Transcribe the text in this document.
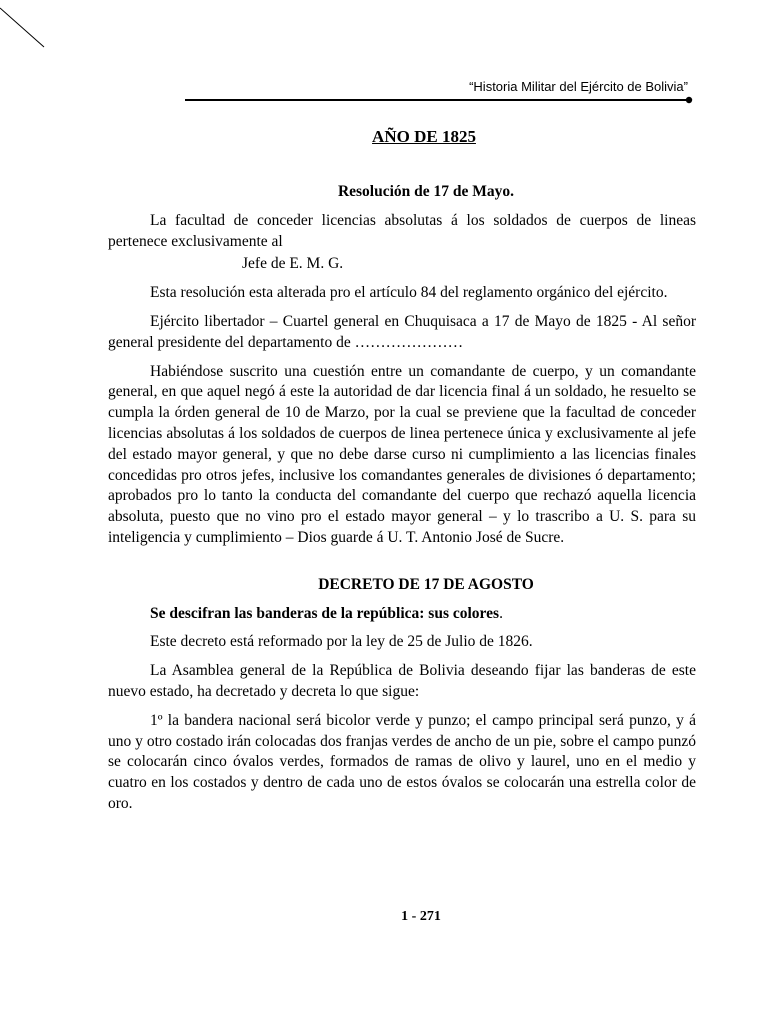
“Historia Militar del Ejército de Bolivia”
AÑO DE 1825

Resolución de 17 de Mayo.

La facultad de conceder licencias absolutas á los soldados de cuerpos de lineas pertenece exclusivamente al

Jefe de E. M. G.

Esta resolución esta alterada pro el artículo 84 del reglamento orgánico del ejército.

Ejército libertador – Cuartel general en Chuquisaca a 17 de Mayo de 1825 - Al señor general presidente del departamento de …………………

Habiéndose suscrito una cuestión entre un comandante de cuerpo, y un comandante general, en que aquel negó á este la autoridad de dar licencia final á un soldado, he resuelto se cumpla la órden general de 10 de Marzo, por la cual se previene que la facultad de conceder licencias absolutas á los soldados de cuerpos de linea pertenece única y exclusivamente al jefe del estado mayor general, y que no debe darse curso ni cumplimiento a las licencias finales concedidas pro otros jefes, inclusive los comandantes generales de divisiones ó departamento; aprobados pro lo tanto la conducta del comandante del cuerpo que rechazó aquella licencia absoluta, puesto que no vino pro el estado mayor general – y lo trascribo a U. S. para su inteligencia y cumplimiento – Dios guarde á U. T. Antonio José de Sucre.

DECRETO DE 17 DE AGOSTO

Se descifran las banderas de la república: sus colores.

Este decreto está reformado por la ley de 25 de Julio de 1826.

La Asamblea general de la República de Bolivia deseando fijar las banderas de este nuevo estado, ha decretado y decreta lo que sigue:

1º la bandera nacional será bicolor verde y punzo; el campo principal será punzo, y á uno y otro costado irán colocadas dos franjas verdes de ancho de un pie, sobre el campo punzó se colocarán cinco óvalos verdes, formados de ramas de olivo y laurel, uno en el medio y cuatro en los costados y dentro de cada uno de estos óvalos se colocarán una estrella color de oro.

1 - 271
